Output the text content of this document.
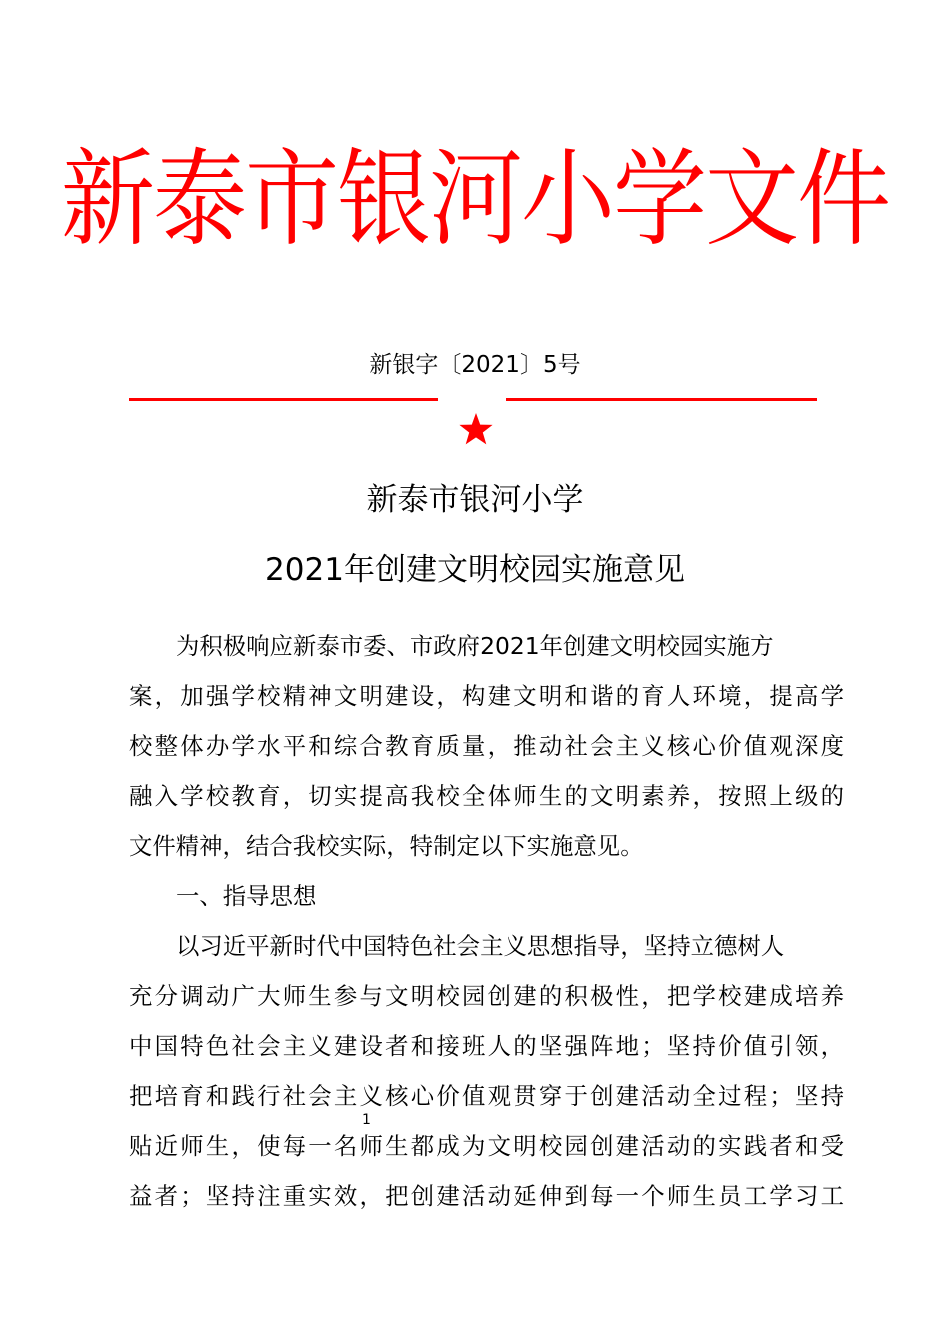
新泰市银河小学文件
新银字〔2021〕5号
新泰市银河小学
2021年创建文明校园实施意见
为积极响应新泰市委、市政府2021年创建文明校园实施方
案，加强学校精神文明建设，构建文明和谐的育人环境，提高学
校整体办学水平和综合教育质量，推动社会主义核心价值观深度
融入学校教育，切实提高我校全体师生的文明素养，按照上级的
文件精神，结合我校实际，特制定以下实施意见。
一、指导思想
以习近平新时代中国特色社会主义思想指导，坚持立德树人
充分调动广大师生参与文明校园创建的积极性，把学校建成培养
中国特色社会主义建设者和接班人的坚强阵地；坚持价值引领，
把培育和践行社会主义核心价值观贯穿于创建活动全过程；坚持
贴近师生，使每一名师生都成为文明校园创建活动的实践者和受
益者；坚持注重实效，把创建活动延伸到每一个师生员工学习工
1
